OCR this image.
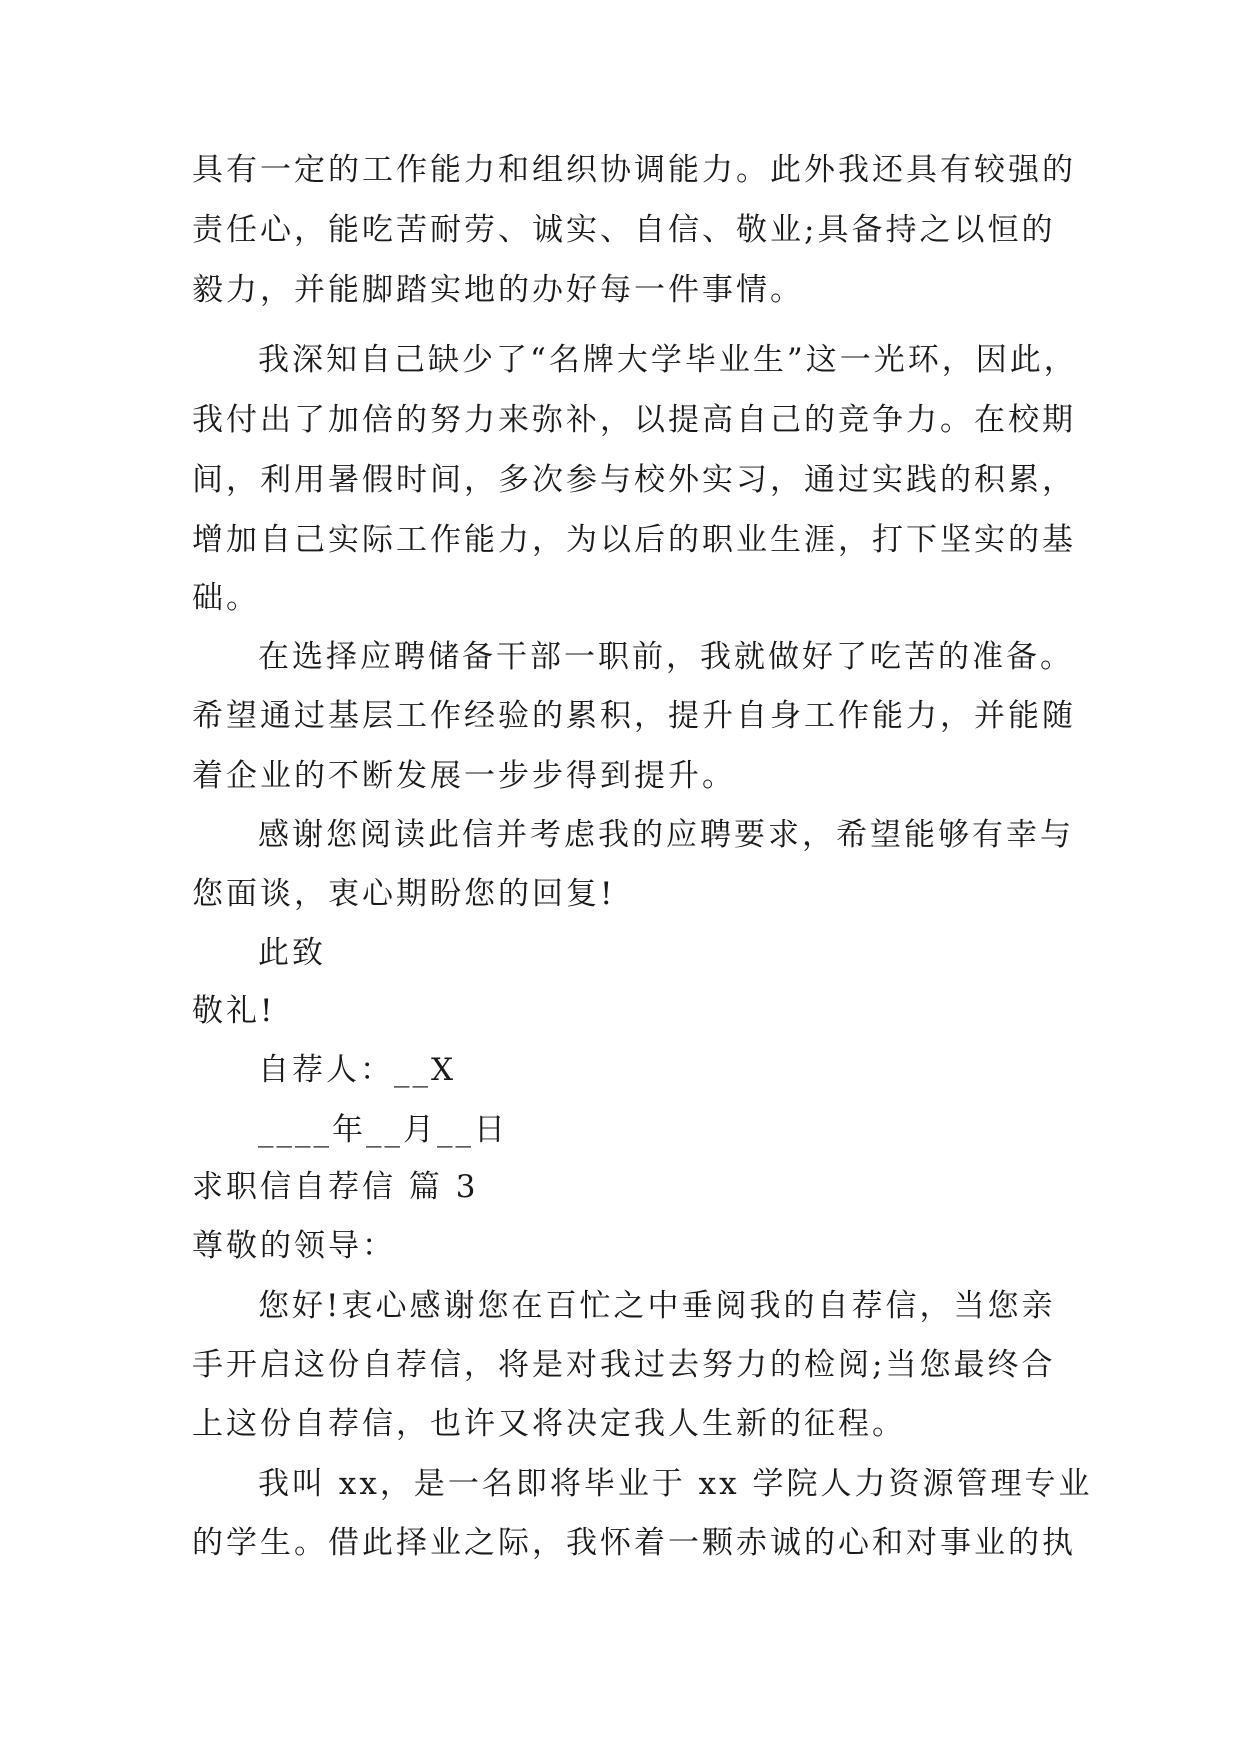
具有一定的工作能力和组织协调能力。此外我还具有较强的
责任心，能吃苦耐劳、诚实、自信、敬业;具备持之以恒的
毅力，并能脚踏实地的办好每一件事情。
我深知自己缺少了“名牌大学毕业生”这一光环，因此，
我付出了加倍的努力来弥补，以提高自己的竞争力。在校期
间，利用暑假时间，多次参与校外实习，通过实践的积累，
增加自己实际工作能力，为以后的职业生涯，打下坚实的基
础。
在选择应聘储备干部一职前，我就做好了吃苦的准备。
希望通过基层工作经验的累积，提升自身工作能力，并能随
着企业的不断发展一步步得到提升。
感谢您阅读此信并考虑我的应聘要求，希望能够有幸与
您面谈，衷心期盼您的回复!
此致
敬礼!
自荐人：__X
____年__月__日
求职信自荐信 篇 3
尊敬的领导：
您好!衷心感谢您在百忙之中垂阅我的自荐信，当您亲
手开启这份自荐信，将是对我过去努力的检阅;当您最终合
上这份自荐信，也许又将决定我人生新的征程。
我叫 xx，是一名即将毕业于 xx 学院人力资源管理专业
的学生。借此择业之际，我怀着一颗赤诚的心和对事业的执
